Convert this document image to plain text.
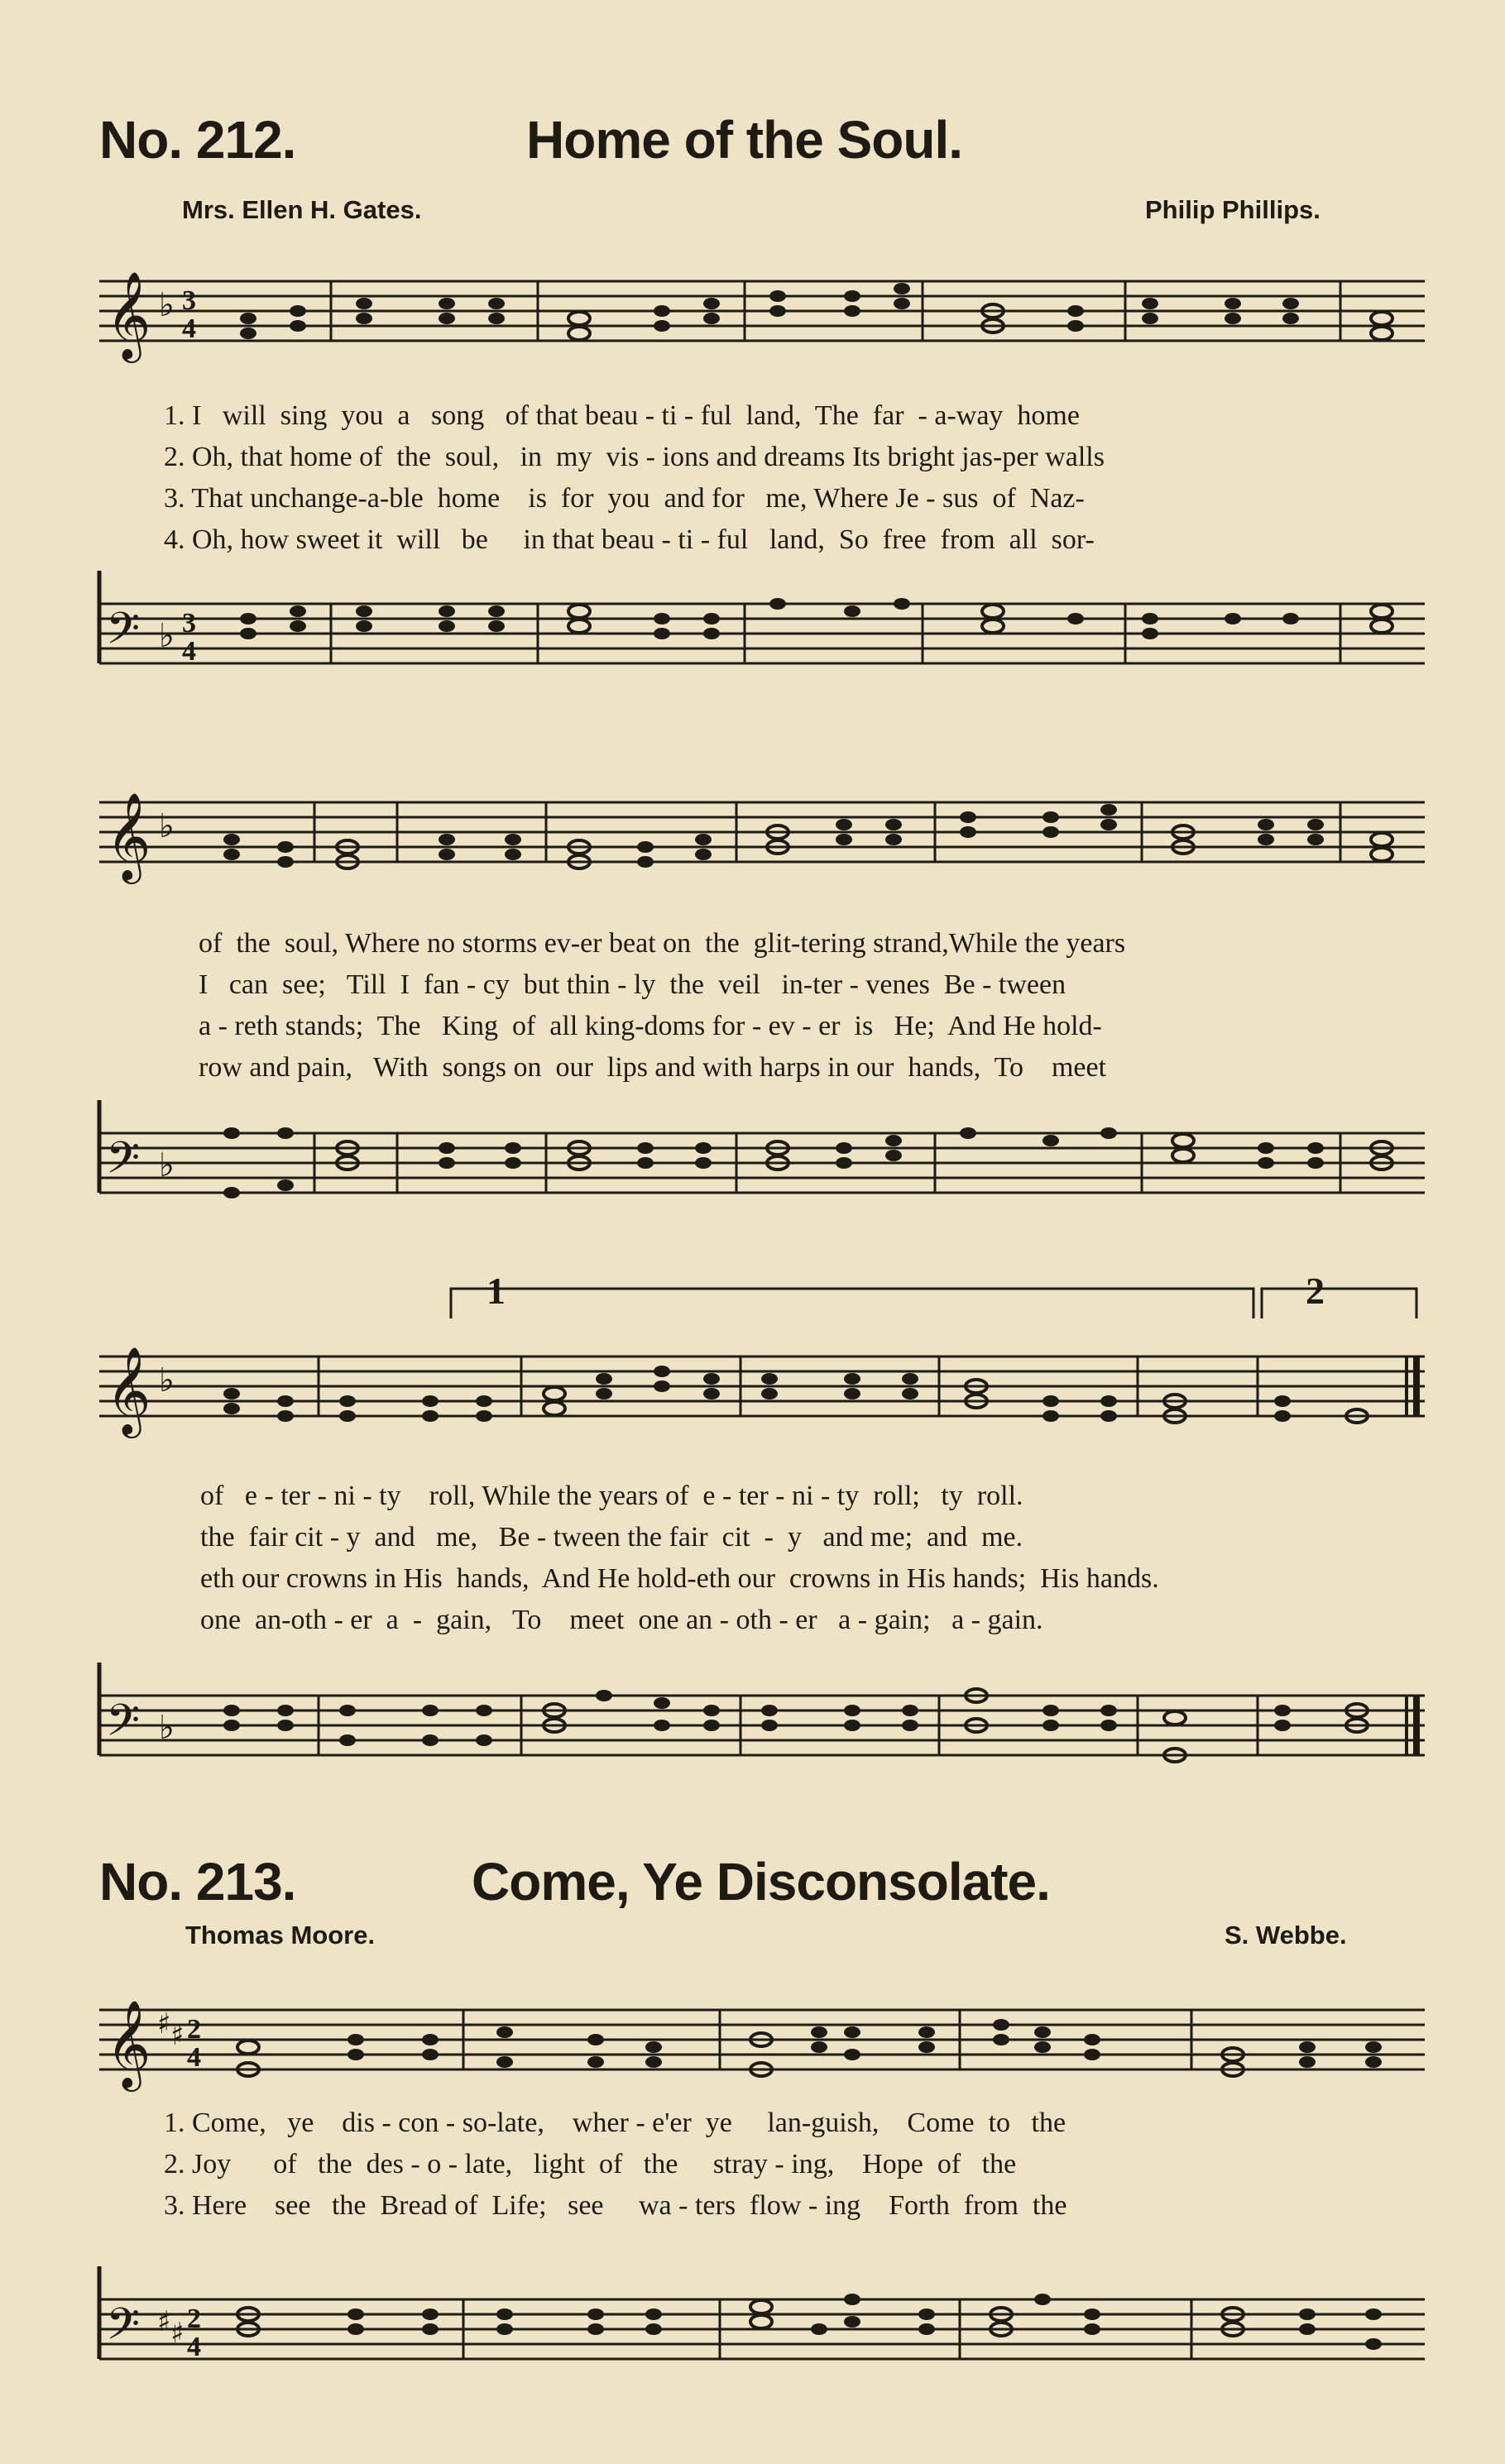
No. 212.	Home of the Soul.
Mrs. Ellen H. Gates.	Philip Phillips.
𝄞 ♭ 3
4
1. I   will  sing  you  a   song   of that beau - ti - ful  land,  The  far  - a-way  home
2. Oh, that home of  the  soul,   in  my  vis - ions and dreams Its bright jas-per walls
3. That unchange-a-ble  home    is  for  you  and for   me, Where Je - sus  of  Naz-
4. Oh, how sweet it  will   be     in that beau - ti - ful   land,  So  free  from  all  sor-
𝄢 ♭ 3
4
𝄞 ♭
of  the  soul, Where no storms ev-er beat on  the  glit-tering strand,While the years
I   can  see;   Till  I  fan - cy  but thin - ly  the  veil   in-ter - venes  Be - tween
a - reth stands;  The   King  of  all king-doms for - ev - er  is   He;  And He hold-
row and pain,   With  songs on  our  lips and with harps in our  hands,  To    meet
𝄢 ♭
1	2
𝄞 ♭
of   e - ter - ni - ty    roll, While the years of  e - ter - ni - ty  roll;   ty  roll.
the  fair cit - y  and   me,   Be - tween the fair  cit  -  y   and me;  and  me.
eth our crowns in His  hands,  And He hold-eth our  crowns in His hands;  His hands.
one  an-oth - er  a  -  gain,   To    meet  one an - oth - er   a - gain;   a - gain.
𝄢 ♭
No. 213.	Come, Ye Disconsolate.
Thomas Moore.	S. Webbe.
𝄞 ♯ ♯ 2
4
1. Come,   ye    dis - con - so-late,    wher - e'er  ye     lan-guish,    Come  to   the
2. Joy      of   the  des - o - late,   light  of   the     stray - ing,    Hope  of   the
3. Here    see   the  Bread of  Life;   see     wa - ters  flow - ing    Forth  from  the
𝄢 ♯ ♯ 2
4
